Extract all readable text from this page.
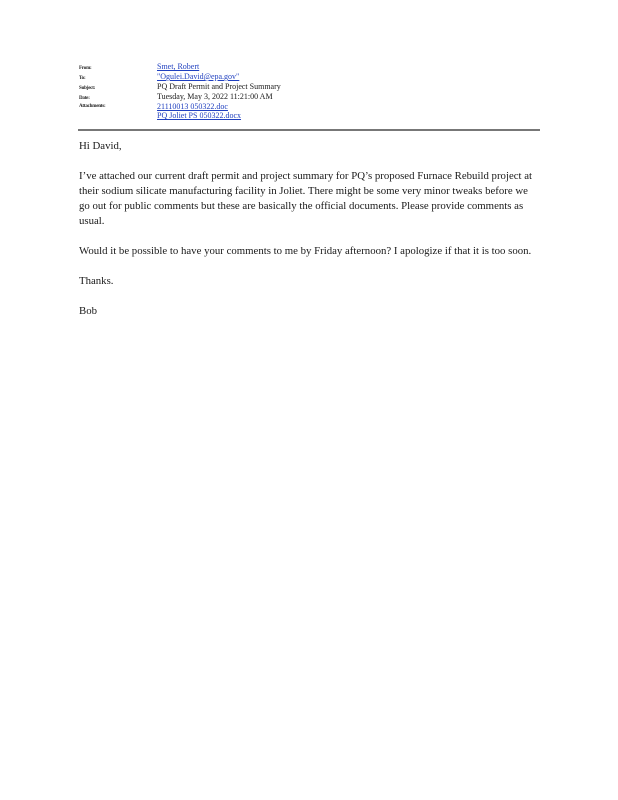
From:	Smet, Robert
To:	"Ogulei.David@epa.gov"
Subject:	PQ Draft Permit and Project Summary
Date:	Tuesday, May 3, 2022 11:21:00 AM
Attachments:	21110013 050322.doc
PQ Joliet PS 050322.docx

Hi David,

I’ve attached our current draft permit and project summary for PQ’s proposed Furnace Rebuild project at their sodium silicate manufacturing facility in Joliet. There might be some very minor tweaks before we go out for public comments but these are basically the official documents. Please provide comments as usual.

Would it be possible to have your comments to me by Friday afternoon? I apologize if that it is too soon.

Thanks.

Bob
